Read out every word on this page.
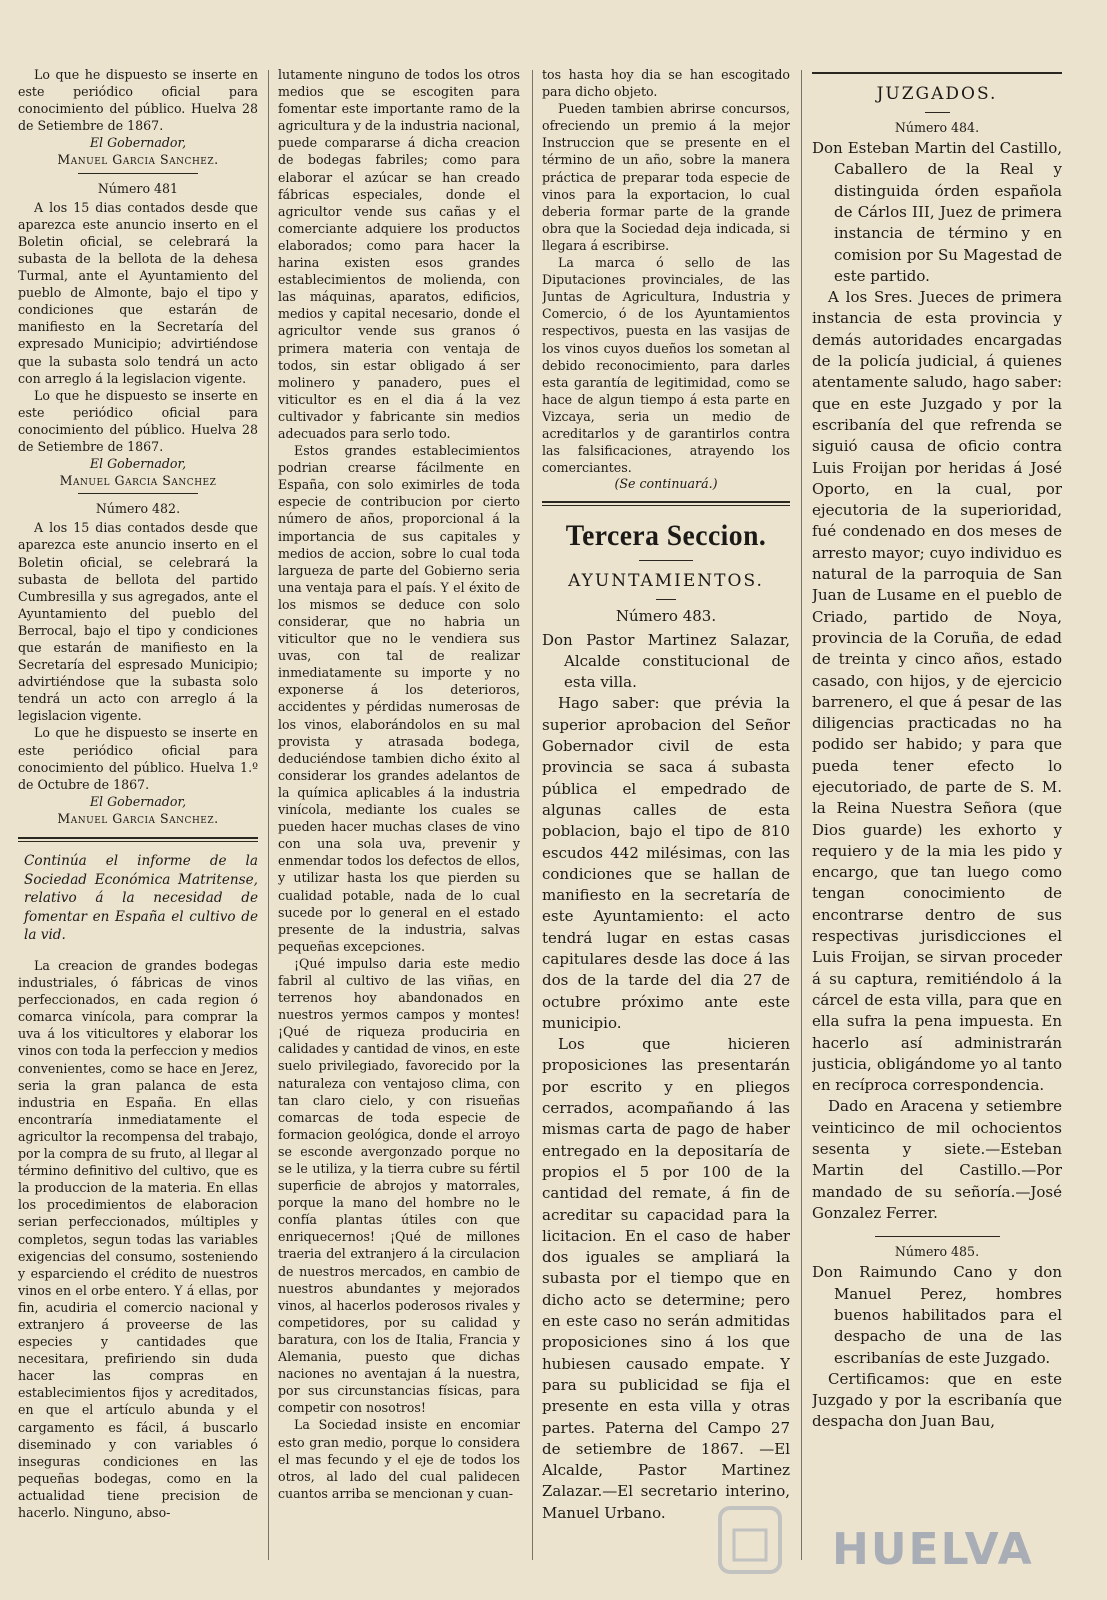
Lo que he dispuesto se inserte en este periódico oficial para conocimiento del público. Huelva 28 de Setiembre de 1867.

El Gobernador,

Manuel Garcia Sanchez.

Número 481

A los 15 dias contados desde que aparezca este anuncio inserto en el Boletin oficial, se celebrará la subasta de la bellota de la dehesa Turmal, ante el Ayuntamiento del pueblo de Almonte, bajo el tipo y condiciones que estarán de manifiesto en la Secretaría del expresado Municipio; advirtiéndose que la subasta solo tendrá un acto con arreglo á la legislacion vigente.

Lo que he dispuesto se inserte en este periódico oficial para conocimiento del público. Huelva 28 de Setiembre de 1867.

El Gobernador,

Manuel Garcia Sanchez

Número 482.

A los 15 dias contados desde que aparezca este anuncio inserto en el Boletin oficial, se celebrará la subasta de bellota del partido Cumbresilla y sus agregados, ante el Ayuntamiento del pueblo del Berrocal, bajo el tipo y condiciones que estarán de manifiesto en la Secretaría del espresado Municipio; advirtiéndose que la subasta solo tendrá un acto con arreglo á la legislacion vigente.

Lo que he dispuesto se inserte en este periódico oficial para conocimiento del público. Huelva 1.º de Octubre de 1867.

El Gobernador,

Manuel Garcia Sanchez.

Continúa el informe de la Sociedad Económica Matritense, relativo á la necesidad de fomentar en España el cultivo de la vid.

La creacion de grandes bodegas industriales, ó fábricas de vinos perfeccionados, en cada region ó comarca vinícola, para comprar la uva á los viticultores y elaborar los vinos con toda la perfeccion y medios convenientes, como se hace en Jerez, seria la gran palanca de esta industria en España. En ellas encontraría inmediatamente el agricultor la recompensa del trabajo, por la compra de su fruto, al llegar al término definitivo del cultivo, que es la produccion de la materia. En ellas los procedimientos de elaboracion serian perfeccionados, múltiples y completos, segun todas las variables exigencias del consumo, sosteniendo y esparciendo el crédito de nuestros vinos en el orbe entero. Y á ellas, por fin, acudiria el comercio nacional y extranjero á proveerse de las especies y cantidades que necesitara, prefiriendo sin duda hacer las compras en establecimientos fijos y acreditados, en que el artículo abunda y el cargamento es fácil, á buscarlo diseminado y con variables ó inseguras condiciones en las pequeñas bodegas, como en la actualidad tiene precision de hacerlo. Ninguno, abso-

lutamente ninguno de todos los otros medios que se escogiten para fomentar este importante ramo de la agricultura y de la industria nacional, puede compararse á dicha creacion de bodegas fabriles; como para elaborar el azúcar se han creado fábricas especiales, donde el agricultor vende sus cañas y el comerciante adquiere los productos elaborados; como para hacer la harina existen esos grandes establecimientos de molienda, con las máquinas, aparatos, edificios, medios y capital necesario, donde el agricultor vende sus granos ó primera materia con ventaja de todos, sin estar obligado á ser molinero y panadero, pues el viticultor es en el dia á la vez cultivador y fabricante sin medios adecuados para serlo todo.

Estos grandes establecimientos podrian crearse fácilmente en España, con solo eximirles de toda especie de contribucion por cierto número de años, proporcional á la importancia de sus capitales y medios de accion, sobre lo cual toda largueza de parte del Gobierno seria una ventaja para el país. Y el éxito de los mismos se deduce con solo considerar, que no habria un viticultor que no le vendiera sus uvas, con tal de realizar inmediatamente su importe y no exponerse á los deterioros, accidentes y pérdidas numerosas de los vinos, elaborándolos en su mal provista y atrasada bodega, deduciéndose tambien dicho éxito al considerar los grandes adelantos de la química aplicables á la industria vinícola, mediante los cuales se pueden hacer muchas clases de vino con una sola uva, prevenir y enmendar todos los defectos de ellos, y utilizar hasta los que pierden su cualidad potable, nada de lo cual sucede por lo general en el estado presente de la industria, salvas pequeñas excepciones.

¡Qué impulso daria este medio fabril al cultivo de las viñas, en terrenos hoy abandonados en nuestros yermos campos y montes! ¡Qué de riqueza produciria en calidades y cantidad de vinos, en este suelo privilegiado, favorecido por la naturaleza con ventajoso clima, con tan claro cielo, y con risueñas comarcas de toda especie de formacion geológica, donde el arroyo se esconde avergonzado porque no se le utiliza, y la tierra cubre su fértil superficie de abrojos y matorrales, porque la mano del hombre no le confía plantas útiles con que enriquecernos! ¡Qué de millones traeria del extranjero á la circulacion de nuestros mercados, en cambio de nuestros abundantes y mejorados vinos, al hacerlos poderosos rivales y competidores, por su calidad y baratura, con los de Italia, Francia y Alemania, puesto que dichas naciones no aventajan á la nuestra, por sus circunstancias físicas, para competir con nosotros!

La Sociedad insiste en encomiar esto gran medio, porque lo considera el mas fecundo y el eje de todos los otros, al lado del cual palidecen cuantos arriba se mencionan y cuan-

tos hasta hoy dia se han escogitado para dicho objeto.

Pueden tambien abrirse concursos, ofreciendo un premio á la mejor Instruccion que se presente en el término de un año, sobre la manera práctica de preparar toda especie de vinos para la exportacion, lo cual deberia formar parte de la grande obra que la Sociedad deja indicada, si llegara á escribirse.

La marca ó sello de las Diputaciones provinciales, de las Juntas de Agricultura, Industria y Comercio, ó de los Ayuntamientos respectivos, puesta en las vasijas de los vinos cuyos dueños los sometan al debido reconocimiento, para darles esta garantía de legitimidad, como se hace de algun tiempo á esta parte en Vizcaya, seria un medio de acreditarlos y de garantirlos contra las falsificaciones, atrayendo los comerciantes.

(Se continuará.)

Tercera Seccion.

AYUNTAMIENTOS.

Número 483.

Don Pastor Martinez Salazar, Alcalde constitucional de esta villa.

Hago saber: que prévia la superior aprobacion del Señor Gobernador civil de esta provincia se saca á subasta pública el empedrado de algunas calles de esta poblacion, bajo el tipo de 810 escudos 442 milésimas, con las condiciones que se hallan de manifiesto en la secretaría de este Ayuntamiento: el acto tendrá lugar en estas casas capitulares desde las doce á las dos de la tarde del dia 27 de octubre próximo ante este municipio.

Los que hicieren proposiciones las presentarán por escrito y en pliegos cerrados, acompañando á las mismas carta de pago de haber entregado en la depositaría de propios el 5 por 100 de la cantidad del remate, á fin de acreditar su capacidad para la licitacion. En el caso de haber dos iguales se ampliará la subasta por el tiempo que en dicho acto se determine; pero en este caso no serán admitidas proposiciones sino á los que hubiesen causado empate. Y para su publicidad se fija el presente en esta villa y otras partes. Paterna del Campo 27 de setiembre de 1867. —El Alcalde, Pastor Martinez Zalazar.—El secretario interino, Manuel Urbano.

JUZGADOS.

Número 484.

Don Esteban Martin del Castillo, Caballero de la Real y distinguida órden española de Cárlos III, Juez de primera instancia de término y en comision por Su Magestad de este partido.

A los Sres. Jueces de primera instancia de esta provincia y demás autoridades encargadas de la policía judicial, á quienes atentamente saludo, hago saber: que en este Juzgado y por la escribanía del que refrenda se siguió causa de oficio contra Luis Froijan por heridas á José Oporto, en la cual, por ejecutoria de la superioridad, fué condenado en dos meses de arresto mayor; cuyo individuo es natural de la parroquia de San Juan de Lusame en el pueblo de Criado, partido de Noya, provincia de la Coruña, de edad de treinta y cinco años, estado casado, con hijos, y de ejercicio barrenero, el que á pesar de las diligencias practicadas no ha podido ser habido; y para que pueda tener efecto lo ejecutoriado, de parte de S. M. la Reina Nuestra Señora (que Dios guarde) les exhorto y requiero y de la mia les pido y encargo, que tan luego como tengan conocimiento de encontrarse dentro de sus respectivas jurisdicciones el Luis Froijan, se sirvan proceder á su captura, remitiéndolo á la cárcel de esta villa, para que en ella sufra la pena impuesta. En hacerlo así administrarán justicia, obligándome yo al tanto en recíproca correspondencia.

Dado en Aracena y setiembre veinticinco de mil ochocientos sesenta y siete.—Esteban Martin del Castillo.—Por mandado de su señoría.—José Gonzalez Ferrer.

Número 485.

Don Raimundo Cano y don Manuel Perez, hombres buenos habilitados para el despacho de una de las escribanías de este Juzgado.

Certificamos: que en este Juzgado y por la escribanía que despacha don Juan Bau,

HUELVA
